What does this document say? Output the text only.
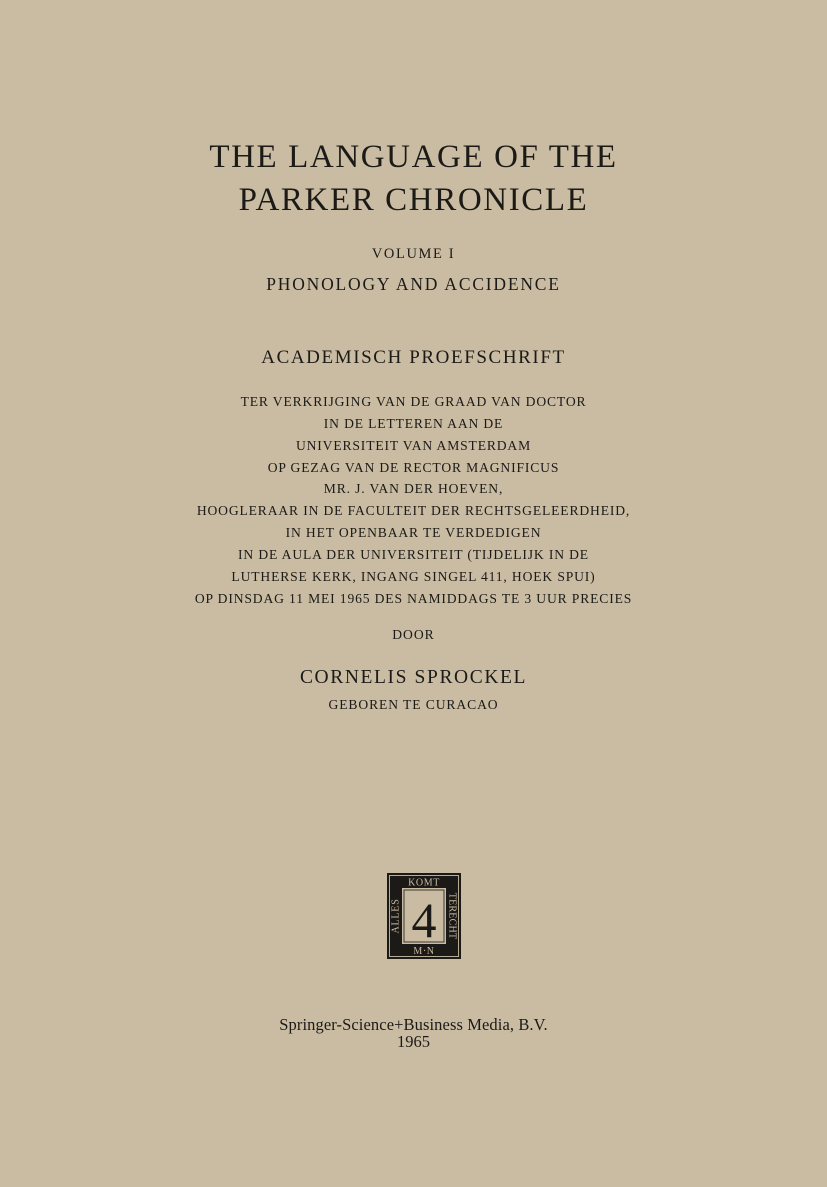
THE LANGUAGE OF THE
PARKER CHRONICLE
VOLUME I
PHONOLOGY AND ACCIDENCE
ACADEMISCH PROEFSCHRIFT
TER VERKRIJGING VAN DE GRAAD VAN DOCTOR
IN DE LETTEREN AAN DE
UNIVERSITEIT VAN AMSTERDAM
OP GEZAG VAN DE RECTOR MAGNIFICUS
MR. J. VAN DER HOEVEN,
HOOGLERAAR IN DE FACULTEIT DER RECHTSGELEERDHEID,
IN HET OPENBAAR TE VERDEDIGEN
IN DE AULA DER UNIVERSITEIT (TIJDELIJK IN DE
LUTHERSE KERK, INGANG SINGEL 411, HOEK SPUI)
OP DINSDAG 11 MEI 1965 DES NAMIDDAGS TE 3 UUR PRECIES
DOOR
CORNELIS SPROCKEL
GEBOREN TE CURACAO
KOMT
M·N
ALLES	TERECHT
4
Springer-Science+Business Media, B.V.
1965
